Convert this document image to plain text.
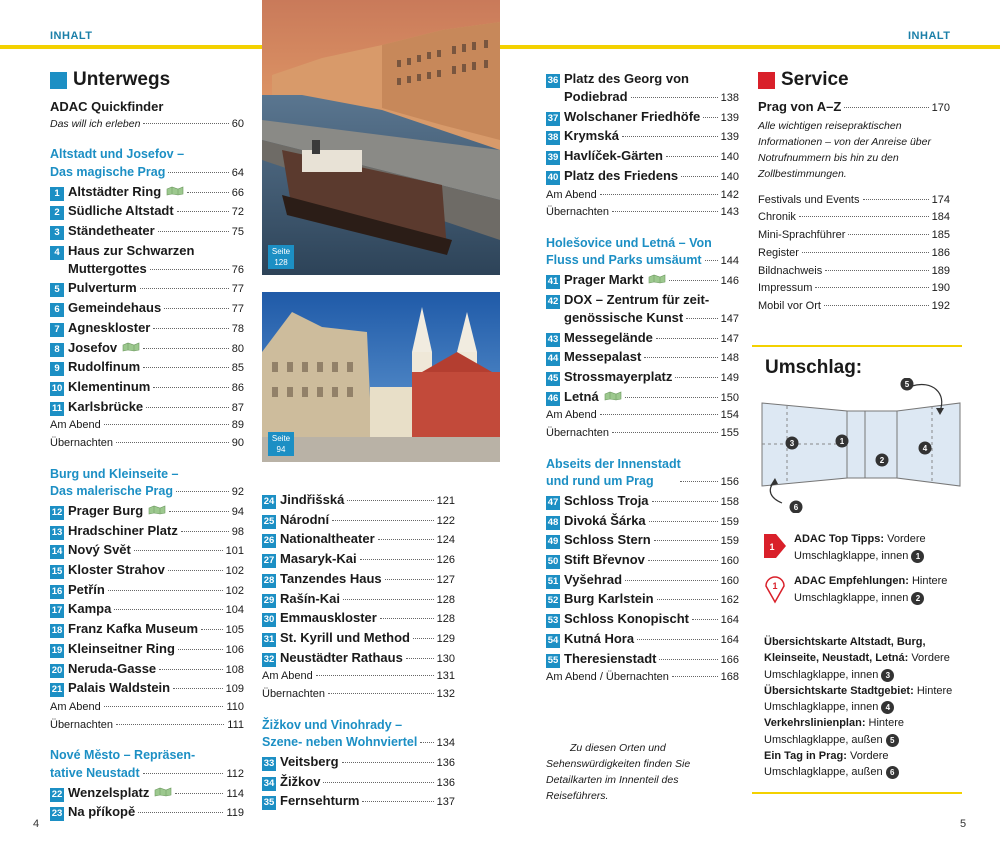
INHALT	INHALT
Unterwegs
ADAC Quickfinder
Das will ich erleben	60
Altstadt und Josefov –
Das magische Prag	64
1 Altstädter Ring	66
2 Südliche Altstadt	72
3 Ständetheater	75
4 Haus zur Schwarzen
Muttergottes	76
5 Pulverturm	77
6 Gemeindehaus	77
7 Agneskloster	78
8 Josefov	80
9 Rudolfinum	85
10 Klementinum	86
11 Karlsbrücke	87
Am Abend	89
Übernachten	90
Burg und Kleinseite –
Das malerische Prag	92
12 Prager Burg	94
13 Hradschiner Platz	98
14 Nový Svět	101
15 Kloster Strahov	102
16 Petřín	102
17 Kampa	104
18 Franz Kafka Museum	105
19 Kleinseitner Ring	106
20 Neruda-Gasse	108
21 Palais Waldstein	109
Am Abend	110
Übernachten	111
Nové Město – Repräsen-
tative Neustadt	112
22 Wenzelsplatz	114
23 Na příkopě	119
Seite
128
Seite
94
24 Jindřišská	121
25 Národní	122
26 Nationaltheater	124
27 Masaryk-Kai	126
28 Tanzendes Haus	127
29 Rašín-Kai	128
30 Emmauskloster	128
31 St. Kyrill und Method 129
32 Neustädter Rathaus	130
Am Abend	131
Übernachten	132
Žižkov und Vinohrady –
Szene- neben Wohnviertel 134
33 Veitsberg	136
34 Žižkov	136
35 Fernsehturm	137
36 Platz des Georg von
Podiebrad	138
37 Wolschaner Friedhöfe 139
38 Krymská	139
39 Havlíček-Gärten	140
40 Platz des Friedens	140
Am Abend	142
Übernachten	143
Holešovice und Letná – Von
Fluss und Parks umsäumt 144
41 Prager Markt	146
42 DOX – Zentrum für zeit-
genössische Kunst	147
43 Messegelände	147
44 Messepalast	148
45 Strossmayerplatz	149
46 Letná	150
Am Abend	154
Übernachten	155
Abseits der Innenstadt
und rund um Prag	156
47 Schloss Troja	158
48 Divoká Šárka	159
49 Schloss Stern	159
50 Stift Břevnov	160
51 Vyšehrad	160
52 Burg Karlstein	162
53 Schloss Konopischt	164
54 Kutná Hora	164
55 Theresienstadt	166
Am Abend / Übernachten	168
Zu diesen Orten und Sehenswürdigkeiten finden Sie Detailkarten im Innenteil des Reiseführers.
Service
Prag von A–Z	170
Alle wichtigen reisepraktischen Informationen – von der Anreise über Notrufnummern bis hin zu den Zollbestimmungen.
Festivals und Events	174
Chronik	184
Mini-Sprachführer	185
Register	186
Bildnachweis	189
Impressum	190
Mobil vor Ort	192
Umschlag:
3	1
2
4
5
6
1
ADAC Top Tipps: Vordere Umschlagklappe, innen 1
1	ADAC Empfehlungen: Hintere Umschlagklappe, innen 2
Übersichtskarte Altstadt, Burg, Kleinseite, Neustadt, Letná: Vordere Umschlagklappe, innen 3
Übersichtskarte Stadtgebiet: Hintere Umschlagklappe, innen 4
Verkehrslinienplan: Hintere Umschlagklappe, außen 5
Ein Tag in Prag: Vordere Umschlagklappe, außen 6
4	5
